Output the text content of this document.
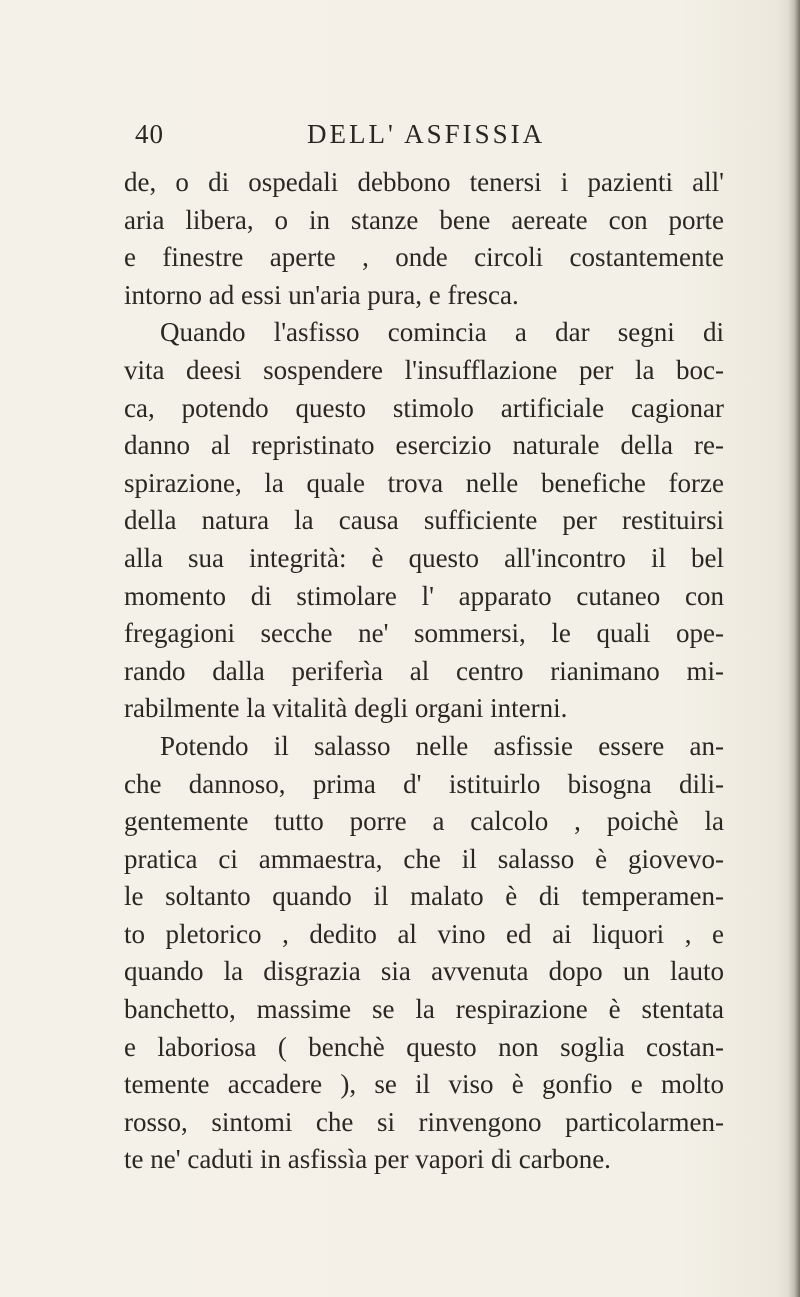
40	DELL' ASFISSIA
de, o di ospedali debbono tenersi i pazienti all'
aria libera, o in stanze bene aereate con porte
e finestre aperte , onde circoli costantemente
intorno ad essi un'aria pura, e fresca.
Quando l'asfisso comincia a dar segni di
vita deesi sospendere l'insufflazione per la boc-
ca, potendo questo stimolo artificiale cagionar
danno al repristinato esercizio naturale della re-
spirazione, la quale trova nelle benefiche forze
della natura la causa sufficiente per restituirsi
alla sua integrità: è questo all'incontro il bel
momento di stimolare l' apparato cutaneo con
fregagioni secche ne' sommersi, le quali ope-
rando dalla periferìa al centro rianimano mi-
rabilmente la vitalità degli organi interni.
Potendo il salasso nelle asfissie essere an-
che dannoso, prima d' istituirlo bisogna dili-
gentemente tutto porre a calcolo , poichè la
pratica ci ammaestra, che il salasso è giovevo-
le soltanto quando il malato è di temperamen-
to pletorico , dedito al vino ed ai liquori , e
quando la disgrazia sia avvenuta dopo un lauto
banchetto, massime se la respirazione è stentata
e laboriosa ( benchè questo non soglia costan-
temente accadere ), se il viso è gonfio e molto
rosso, sintomi che si rinvengono particolarmen-
te ne' caduti in asfissìa per vapori di carbone.
